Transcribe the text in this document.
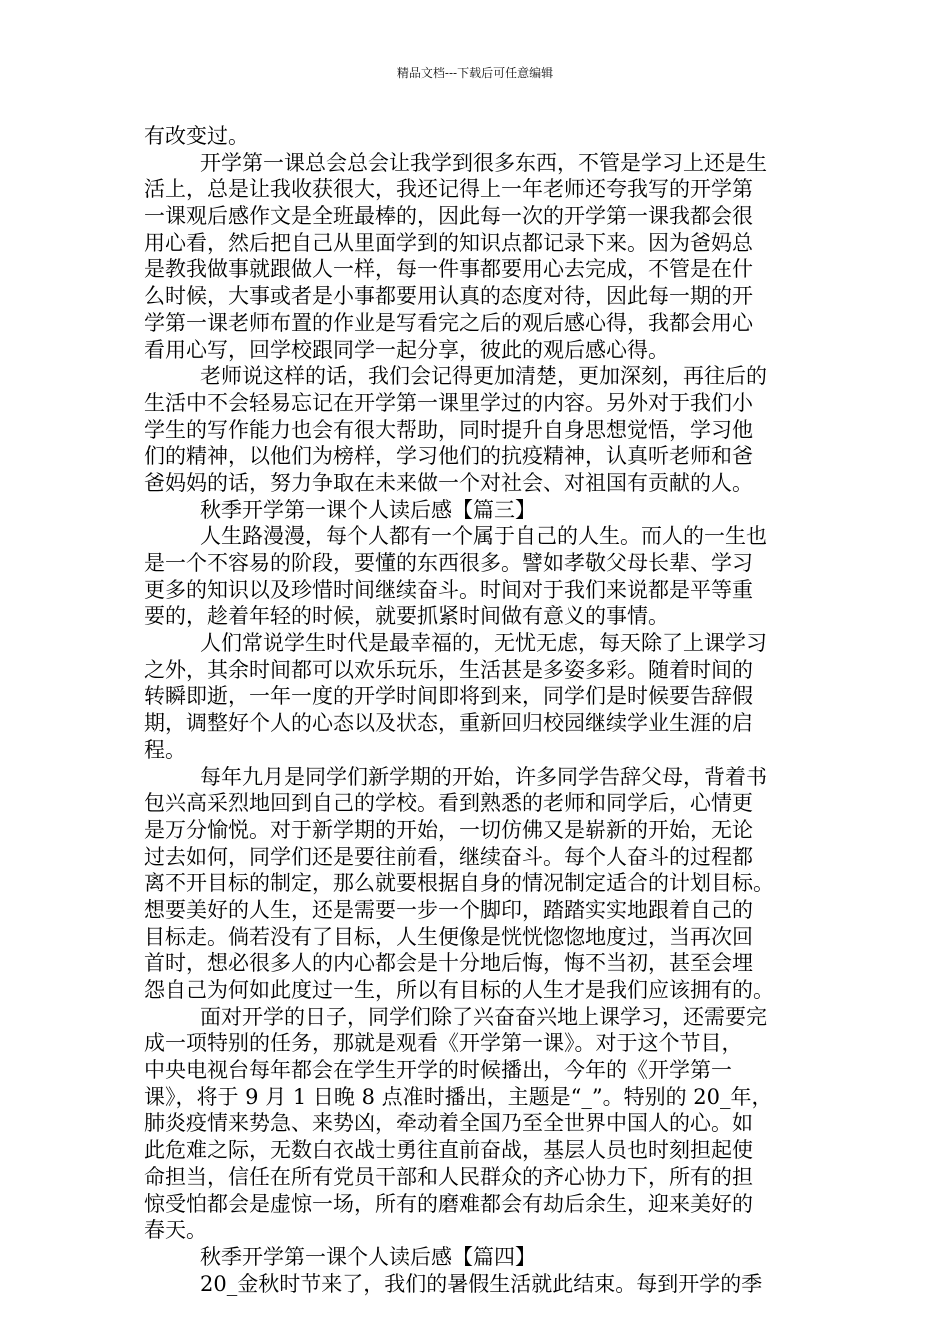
精品文档---下载后可任意编辑
有改变过。
开学第一课总会总会让我学到很多东西，不管是学习上还是生
活上，总是让我收获很大，我还记得上一年老师还夸我写的开学第
一课观后感作文是全班最棒的，因此每一次的开学第一课我都会很
用心看，然后把自己从里面学到的知识点都记录下来。因为爸妈总
是教我做事就跟做人一样，每一件事都要用心去完成，不管是在什
么时候，大事或者是小事都要用认真的态度对待，因此每一期的开
学第一课老师布置的作业是写看完之后的观后感心得，我都会用心
看用心写，回学校跟同学一起分享，彼此的观后感心得。
老师说这样的话，我们会记得更加清楚，更加深刻，再往后的
生活中不会轻易忘记在开学第一课里学过的内容。另外对于我们小
学生的写作能力也会有很大帮助，同时提升自身思想觉悟，学习他
们的精神，以他们为榜样，学习他们的抗疫精神，认真听老师和爸
爸妈妈的话，努力争取在未来做一个对社会、对祖国有贡献的人。
秋季开学第一课个人读后感【篇三】
人生路漫漫，每个人都有一个属于自己的人生。而人的一生也
是一个不容易的阶段，要懂的东西很多。譬如孝敬父母长辈、学习
更多的知识以及珍惜时间继续奋斗。时间对于我们来说都是平等重
要的，趁着年轻的时候，就要抓紧时间做有意义的事情。
人们常说学生时代是最幸福的，无忧无虑，每天除了上课学习
之外，其余时间都可以欢乐玩乐，生活甚是多姿多彩。随着时间的
转瞬即逝，一年一度的开学时间即将到来，同学们是时候要告辞假
期，调整好个人的心态以及状态，重新回归校园继续学业生涯的启
程。
每年九月是同学们新学期的开始，许多同学告辞父母，背着书
包兴高采烈地回到自己的学校。看到熟悉的老师和同学后，心情更
是万分愉悦。对于新学期的开始，一切仿佛又是崭新的开始，无论
过去如何，同学们还是要往前看，继续奋斗。每个人奋斗的过程都
离不开目标的制定，那么就要根据自身的情况制定适合的计划目标。
想要美好的人生，还是需要一步一个脚印，踏踏实实地跟着自己的
目标走。倘若没有了目标，人生便像是恍恍惚惚地度过，当再次回
首时，想必很多人的内心都会是十分地后悔，悔不当初，甚至会埋
怨自己为何如此度过一生，所以有目标的人生才是我们应该拥有的。
面对开学的日子，同学们除了兴奋奋兴地上课学习，还需要完
成一项特别的任务，那就是观看《开学第一课》。对于这个节目，
中央电视台每年都会在学生开学的时候播出，今年的《开学第一
课》，将于 9 月 1 日晚 8 点准时播出，主题是“_”。特别的 20_年，
肺炎疫情来势急、来势凶，牵动着全国乃至全世界中国人的心。如
此危难之际，无数白衣战士勇往直前奋战，基层人员也时刻担起使
命担当，信任在所有党员干部和人民群众的齐心协力下，所有的担
惊受怕都会是虚惊一场，所有的磨难都会有劫后余生，迎来美好的
春天。
秋季开学第一课个人读后感【篇四】
20_金秋时节来了，我们的暑假生活就此结束。每到开学的季
